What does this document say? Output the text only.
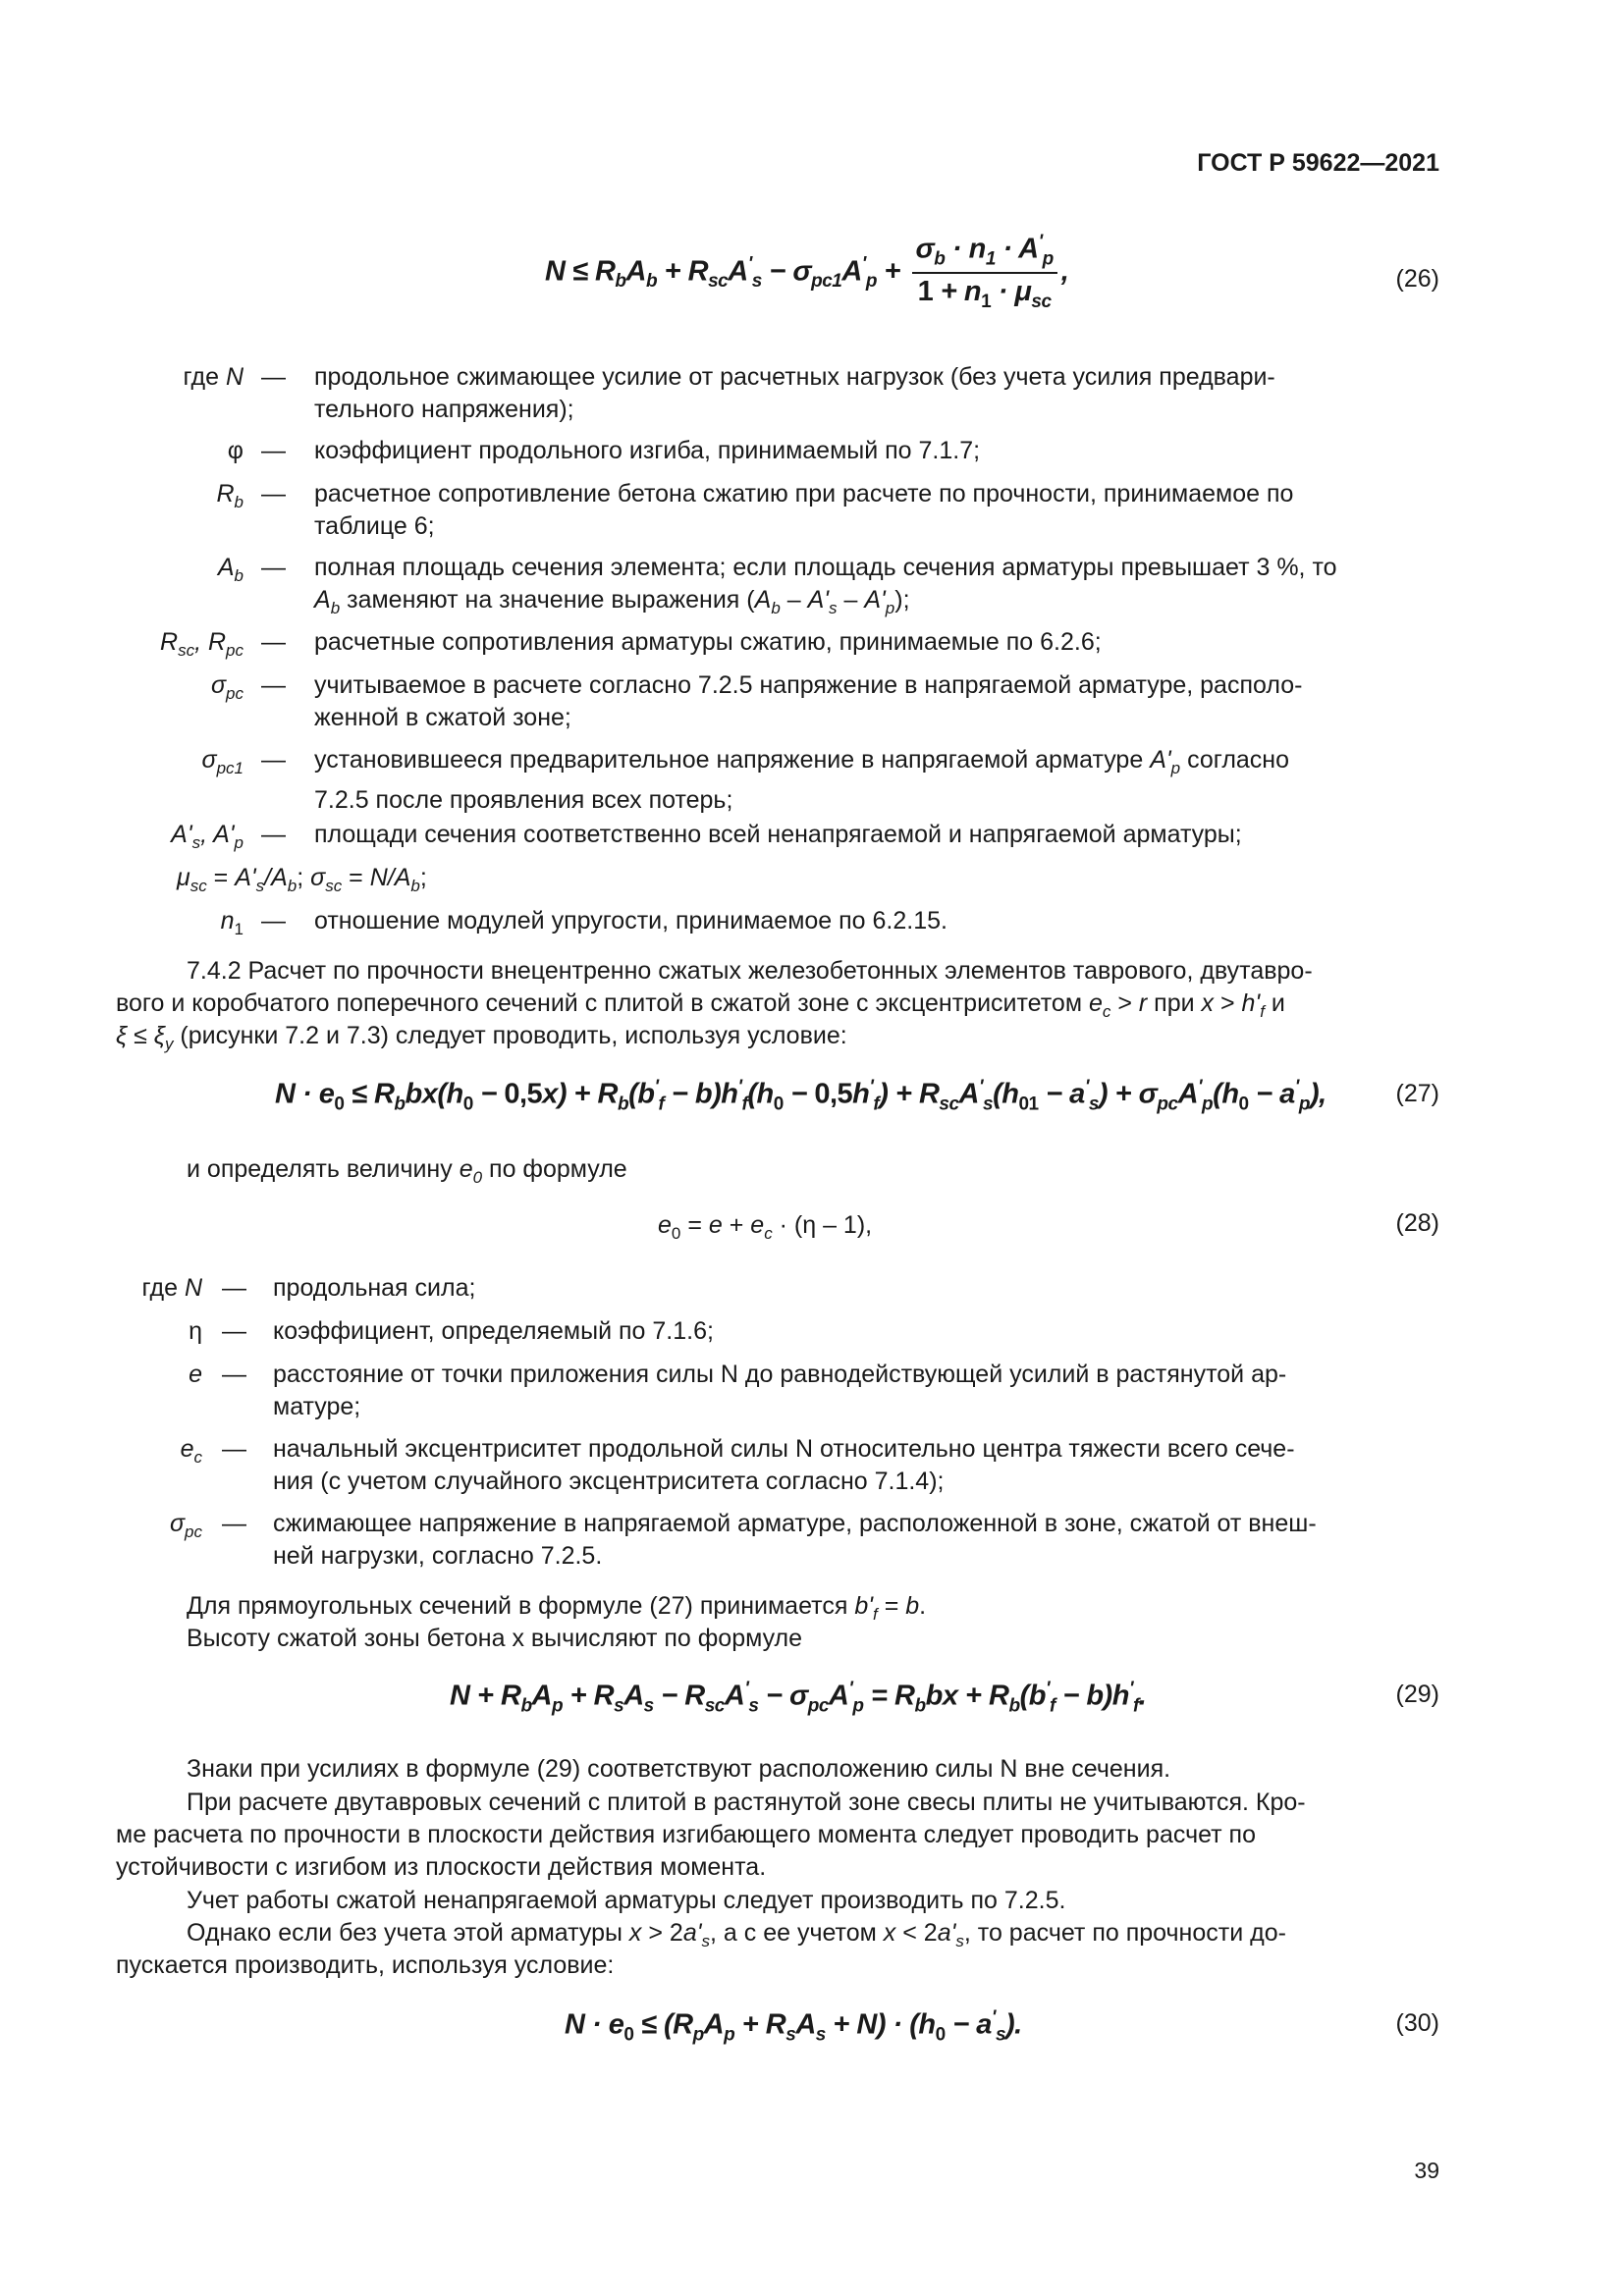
ГОСТ Р 59622—2021
$N \le R_bA_b + R_{sc}A'_s - \sigma_{pc1}A'_p + \frac{\sigma_b \cdot n_1 \cdot A'_p}{1 + n_1 \cdot \mu_{sc}}$ ,	(26)
где N — продольное сжимающее усилие от расчетных нагрузок (без учета усилия предвари-
тельного напряжения);
φ — коэффициент продольного изгиба, принимаемый по 7.1.7;
$R_b$ — расчетное сопротивление бетона сжатию при расчете по прочности, принимаемое по
таблице 6;
$A_b$ — полная площадь сечения элемента; если площадь сечения арматуры превышает 3 %, то
$A_b$ заменяют на значение выражения $(A_b - A'_s - A'_p)$;
$R_{sc}$, $R_{pc}$ — расчетные сопротивления арматуры сжатию, принимаемые по 6.2.6;
$\sigma_{pc}$ — учитываемое в расчете согласно 7.2.5 напряжение в напрягаемой арматуре, располо-
женной в сжатой зоне;
$\sigma_{pc1}$ — установившееся предварительное напряжение в напрягаемой арматуре $A'_p$ согласно
7.2.5 после проявления всех потерь;
$A'_s$, $A'_p$ — площади сечения соответственно всей ненапрягаемой и напрягаемой арматуры;
$\mu_{sc} = A'_s/A_b$; $\sigma_{sc} = N/A_b$;
$n_1$ — отношение модулей упругости, принимаемое по 6.2.15.
7.4.2 Расчет по прочности внецентренно сжатых железобетонных элементов таврового, двутавро-
вого и коробчатого поперечного сечений с плитой в сжатой зоне с эксцентриситетом $e_c > r$ при $x > h'_f$ и
$\xi \le \xi_y$ (рисунки 7.2 и 7.3) следует проводить, используя условие:
$N \cdot e_0 \le R_bbx(h_0 - 0,5x) + R_b(b'_f - b)h'_f(h_0 - 0,5h'_f) + R_{sc}A'_s(h_{01} - a'_s) + \sigma_{pc}A'_p(h_0 - a'_p)$,	(27)
и определять величину $e_0$ по формуле
$e_0 = e + e_c \cdot (\eta - 1)$,	(28)
где N — продольная сила;
η — коэффициент, определяемый по 7.1.6;
e — расстояние от точки приложения силы N до равнодействующей усилий в растянутой ар-
матуре;
$e_c$ — начальный эксцентриситет продольной силы N относительно центра тяжести всего сече-
ния (с учетом случайного эксцентриситета согласно 7.1.4);
$\sigma_{pc}$ — сжимающее напряжение в напрягаемой арматуре, расположенной в зоне, сжатой от внеш-
ней нагрузки, согласно 7.2.5.
Для прямоугольных сечений в формуле (27) принимается $b'_f = b$.
Высоту сжатой зоны бетона x вычисляют по формуле
$N + R_bA_p + R_sA_s - R_{sc}A'_s - \sigma_{pc}A'_p = R_bbx + R_b(b'_f - b)h'_f$.	(29)
Знаки при усилиях в формуле (29) соответствуют расположению силы N вне сечения.
При расчете двутавровых сечений с плитой в растянутой зоне свесы плиты не учитываются. Кро-
ме расчета по прочности в плоскости действия изгибающего момента следует проводить расчет по
устойчивости с изгибом из плоскости действия момента.
Учет работы сжатой ненапрягаемой арматуры следует производить по 7.2.5.
Однако если без учета этой арматуры $x > 2a'_s$, а с ее учетом $x < 2a'_s$, то расчет по прочности до-
пускается производить, используя условие:
$N \cdot e_0 \le (R_pA_p + R_sA_s + N) \cdot (h_0 - a'_s)$.	(30)
39
